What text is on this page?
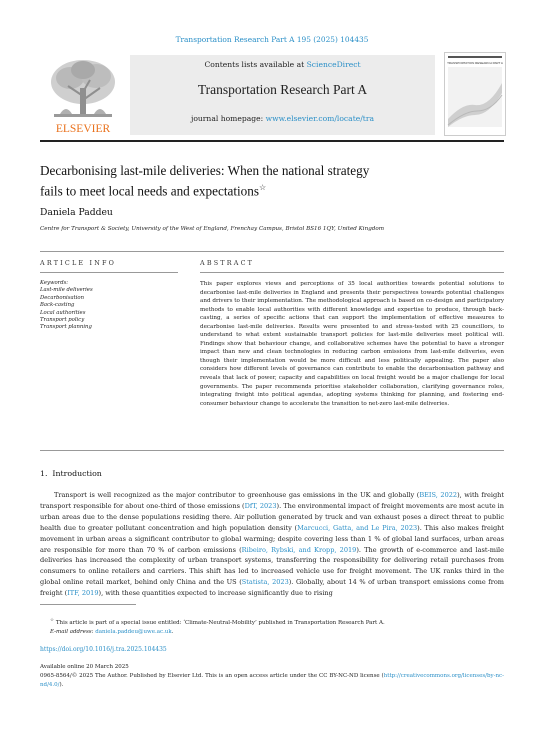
Transportation Research Part A 195 (2025) 104435
ELSEVIER
Contents lists available at ScienceDirect
Transportation Research Part A
journal homepage: www.elsevier.com/locate/tra
TRANSPORTATION RESEARCH PART A
Decarbonising last-mile deliveries: When the national strategy
fails to meet local needs and expectations☆
Daniela Paddeu
Centre for Transport & Society, University of the West of England, Frenchay Campus, Bristol BS16 1QY, United Kingdom
ARTICLE INFO	ABSTRACT
Keywords:
Last-mile deliveries
Decarbonisation
Back-casting
Local authorities
Transport policy
Transport planning
This paper explores views and perceptions of 35 local authorities towards potential solutions to decarbonise last-mile deliveries in England and presents their perspectives towards potential challenges and drivers to their implementation. The methodological approach is based on co-design and participatory methods to enable local authorities with different knowledge and expertise to produce, through back-casting, a series of specific actions that can support the implementation of effective measures to decarbonise last-mile deliveries. Results were presented to and stress-tested with 25 councillors, to understand to what extent sustainable transport policies for last-mile deliveries meet political will. Findings show that behaviour change, and collaborative schemes have the potential to have a stronger impact than new and clean technologies in reducing carbon emissions from last-mile deliveries, even though their implementation would be more difficult and less politically appealing. The paper also considers how different levels of governance can contribute to enable the decarbonisation pathway and reveals that lack of power, capacity and capabilities on local freight would be a major challenge for local governments. The paper recommends prioritise stakeholder collaboration, clarifying governance roles, integrating freight into political agendas, adopting systems thinking for planning, and fostering end-consumer behaviour change to accelerate the transition to net-zero last-mile deliveries.
1. Introduction

Transport is well recognized as the major contributor to greenhouse gas emissions in the UK and globally (BEIS, 2022), with freight transport responsible for about one-third of those emissions (DfT, 2023). The environmental impact of freight movements are most acute in urban areas due to the dense populations residing there. Air pollution generated by truck and van exhaust poses a direct threat to public health due to greater pollutant concentration and high population density (Marcucci, Gatta, and Le Pira, 2023). This also makes freight movement in urban areas a significant contributor to global warming; despite covering less than 1 % of global land surfaces, urban areas are responsible for more than 70 % of carbon emissions (Ribeiro, Rybski, and Kropp, 2019). The growth of e-commerce and last-mile deliveries has increased the complexity of urban transport systems, transferring the responsibility for delivering retail purchases from consumers to online retailers and carriers. This shift has led to increased vehicle use for freight movement. The UK ranks third in the global online retail market, behind only China and the US (Statista, 2023). Globally, about 14 % of urban transport emissions come from freight (ITF, 2019), with these quantities expected to increase significantly due to rising

☆ This article is part of a special issue entitled: ‘Climate-Neutral-Mobility’ published in Transportation Research Part A.
E-mail address: daniela.paddeu@uwe.ac.uk.
https://doi.org/10.1016/j.tra.2025.104435
Available online 20 March 2025
0965-8564/© 2025 The Author. Published by Elsevier Ltd. This is an open access article under the CC BY-NC-ND license (http://creativecommons.org/licenses/by-nc-nd/4.0/).
